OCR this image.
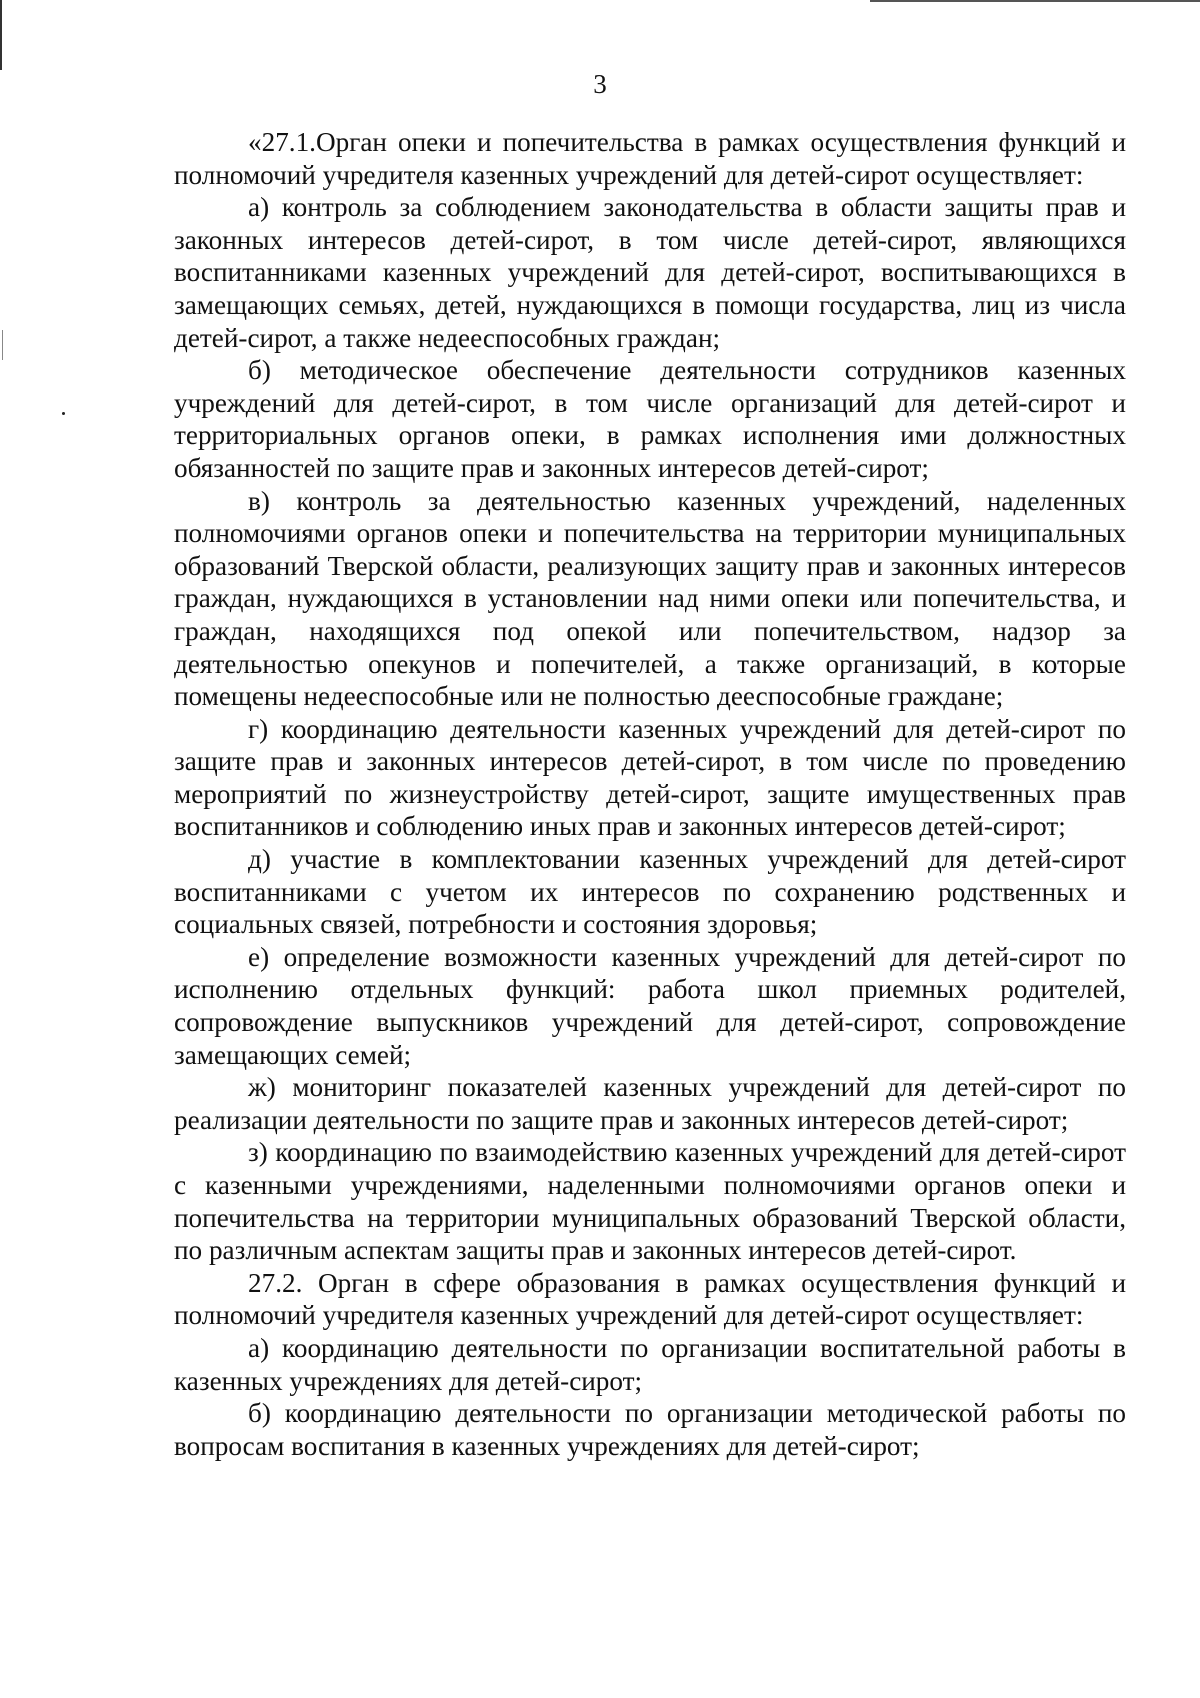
3

«27.1.Орган опеки и попечительства в рамках осуществления функций и полномочий учредителя казенных учреждений для детей-сирот осуществляет:

а) контроль за соблюдением законодательства в области защиты прав и законных интересов детей-сирот, в том числе детей-сирот, являющихся воспитанниками казенных учреждений для детей-сирот, воспитывающихся в замещающих семьях, детей, нуждающихся в помощи государства, лиц из числа детей-сирот, а также недееспособных граждан;

б) методическое обеспечение деятельности сотрудников казенных учреждений для детей-сирот, в том числе организаций для детей-сирот и территориальных органов опеки, в рамках исполнения ими должностных обязанностей по защите прав и законных интересов детей-сирот;

в) контроль за деятельностью казенных учреждений, наделенных полномочиями органов опеки и попечительства на территории муниципальных образований Тверской области, реализующих защиту прав и законных интересов граждан, нуждающихся в установлении над ними опеки или попечительства, и граждан, находящихся под опекой или попечительством, надзор за деятельностью опекунов и попечителей, а также организаций, в которые помещены недееспособные или не полностью дееспособные граждане;

г) координацию деятельности казенных учреждений для детей-сирот по защите прав и законных интересов детей-сирот, в том числе по проведению мероприятий по жизнеустройству детей-сирот, защите имущественных прав воспитанников и соблюдению иных прав и законных интересов детей-сирот;

д) участие в комплектовании казенных учреждений для детей-сирот воспитанниками с учетом их интересов по сохранению родственных и социальных связей, потребности и состояния здоровья;

е) определение возможности казенных учреждений для детей-сирот по исполнению отдельных функций: работа школ приемных родителей, сопровождение выпускников учреждений для детей-сирот, сопровождение замещающих семей;

ж) мониторинг показателей казенных учреждений для детей-сирот по реализации деятельности по защите прав и законных интересов детей-сирот;

з) координацию по взаимодействию казенных учреждений для детей-сирот с казенными учреждениями, наделенными полномочиями органов опеки и попечительства на территории муниципальных образований Тверской области, по различным аспектам защиты прав и законных интересов детей-сирот.

27.2. Орган в сфере образования в рамках осуществления функций и полномочий учредителя казенных учреждений для детей-сирот осуществляет:

а) координацию деятельности по организации воспитательной работы в казенных учреждениях для детей-сирот;

б) координацию деятельности по организации методической работы по вопросам воспитания в казенных учреждениях для детей-сирот;
